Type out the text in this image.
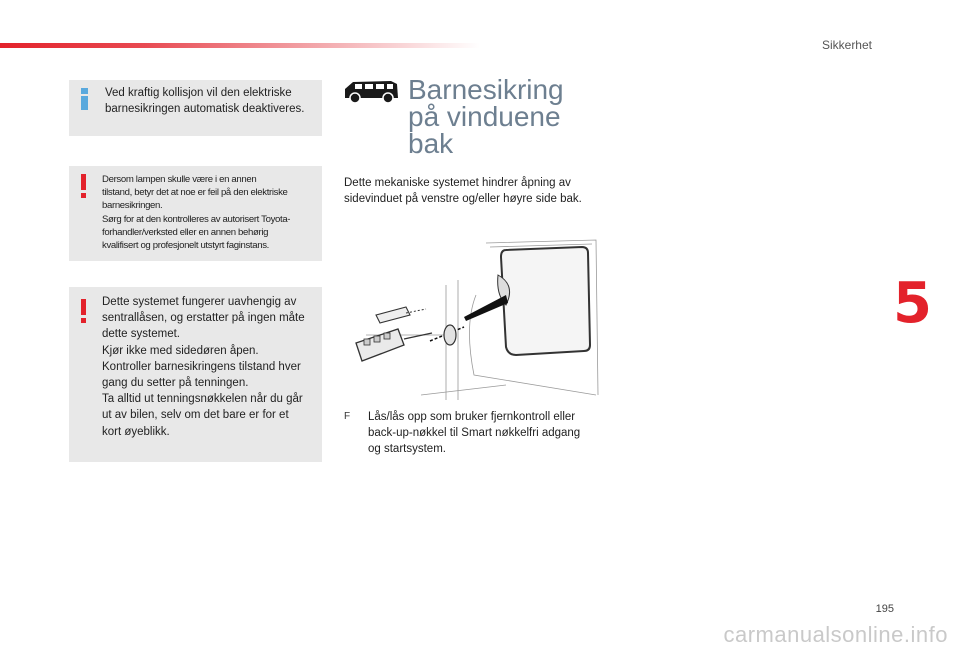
Sikkerhet
5
Ved kraftig kollisjon vil den elektriske barnesikringen automatisk deaktiveres.
Dersom lampen skulle være i en annen
tilstand, betyr det at noe er feil på den elektriske
barnesikringen.
Sørg for at den kontrolleres av autorisert Toyota-
forhandler/verksted eller en annen behørig
kvalifisert og profesjonelt utstyrt faginstans.
Dette systemet fungerer uavhengig av
sentrallåsen, og erstatter på ingen måte
dette systemet.
Kjør ikke med sidedøren åpen.
Kontroller barnesikringens tilstand hver
gang du setter på tenningen.
Ta alltid ut tenningsnøkkelen når du går
ut av bilen, selv om det bare er for et
kort øyeblikk.
Barnesikring
på vinduene
bak
Dette mekaniske systemet hindrer åpning av
sidevinduet på venstre og/eller høyre side bak.
F Lås/lås opp som bruker fjernkontroll eller
back-up-nøkkel til Smart nøkkelfri adgang
og startsystem.
195
carmanualsonline.info
